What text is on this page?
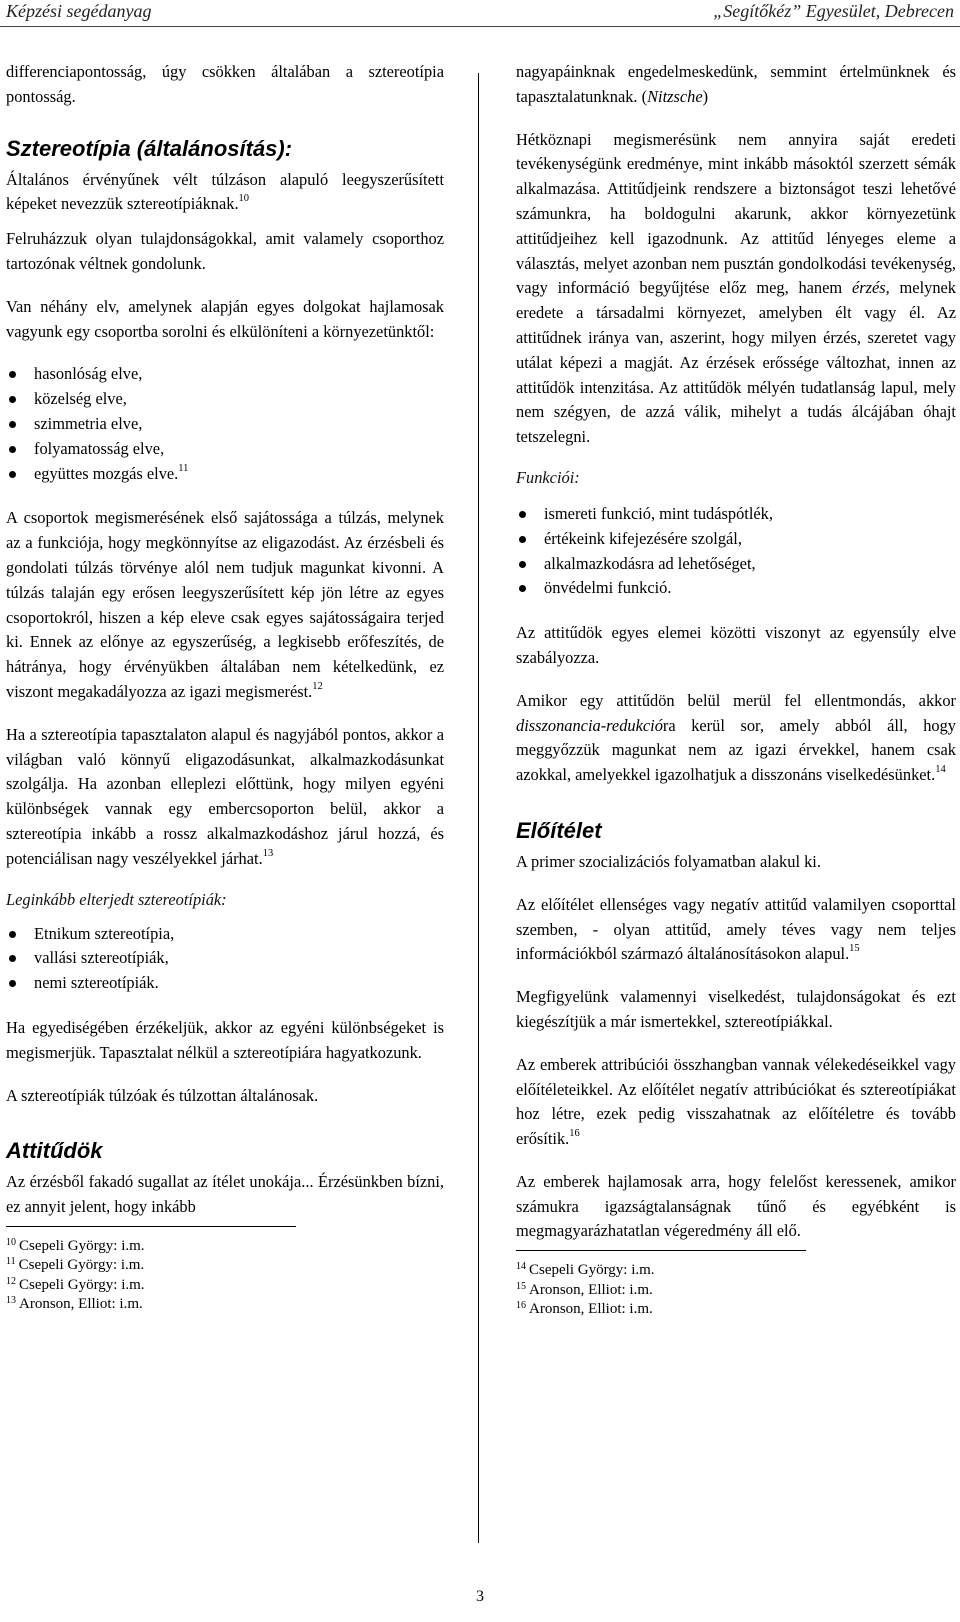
Képzési segédanyag	„Segítőkéz” Egyesület, Debrecen

differenciapontosság, úgy csökken általában a sztereotípia pontosság.

Sztereotípia (általánosítás):

Általános érvényűnek vélt túlzáson alapuló leegyszerűsített képeket nevezzük sztereotípiáknak.$^{10}$

Felruházzuk olyan tulajdonságokkal, amit valamely csoporthoz tartozónak véltnek gondolunk.

Van néhány elv, amelynek alapján egyes dolgokat hajlamosak vagyunk egy csoportba sorolni és elkülöníteni a környezetünktől:

hasonlóság elve,
közelség elve,
szimmetria elve,
folyamatosság elve,
együttes mozgás elve.$^{11}$

A csoportok megismerésének első sajátossága a túlzás, melynek az a funkciója, hogy megkönnyítse az eligazodást. Az érzésbeli és gondolati túlzás törvénye alól nem tudjuk magunkat kivonni. A túlzás talaján egy erősen leegyszerűsített kép jön létre az egyes csoportokról, hiszen a kép eleve csak egyes sajátosságaira terjed ki. Ennek az előnye az egyszerűség, a legkisebb erőfeszítés, de hátránya, hogy érvényükben általában nem kételkedünk, ez viszont megakadályozza az igazi megismerést.$^{12}$

Ha a sztereotípia tapasztalaton alapul és nagyjából pontos, akkor a világban való könnyű eligazodásunkat, alkalmazkodásunkat szolgálja. Ha azonban elleplezi előttünk, hogy milyen egyéni különbségek vannak egy embercsoporton belül, akkor a sztereotípia inkább a rossz alkalmazkodáshoz járul hozzá, és potenciálisan nagy veszélyekkel járhat.$^{13}$

Leginkább elterjedt sztereotípiák:
Etnikum sztereotípia,
vallási sztereotípiák,
nemi sztereotípiák.

Ha egyediségében érzékeljük, akkor az egyéni különbségeket is megismerjük. Tapasztalat nélkül a sztereotípiára hagyatkozunk.

A sztereotípiák túlzóak és túlzottan általánosak.

Attitűdök

Az érzésből fakadó sugallat az ítélet unokája... Érzésünkben bízni, ez annyit jelent, hogy inkább

$^{10}$ Csepeli György: i.m.
$^{11}$ Csepeli György: i.m.
$^{12}$ Csepeli György: i.m.
$^{13}$ Aronson, Elliot: i.m.

nagyapáinknak engedelmeskedünk, semmint értelmünknek és tapasztalatunknak. (Nitzsche)

Hétköznapi megismerésünk nem annyira saját eredeti tevékenységünk eredménye, mint inkább másoktól szerzett sémák alkalmazása. Attitűdjeink rendszere a biztonságot teszi lehetővé számunkra, ha boldogulni akarunk, akkor környezetünk attitűdjeihez kell igazodnunk. Az attitűd lényeges eleme a választás, melyet azonban nem pusztán gondolkodási tevékenység, vagy információ begyűjtése előz meg, hanem érzés, melynek eredete a társadalmi környezet, amelyben élt vagy él. Az attitűdnek iránya van, aszerint, hogy milyen érzés, szeretet vagy utálat képezi a magját. Az érzések erőssége változhat, innen az attitűdök intenzitása. Az attitűdök mélyén tudatlanság lapul, mely nem szégyen, de azzá válik, mihelyt a tudás álcájában óhajt tetszelegni.

Funkciói:
ismereti funkció, mint tudáspótlék,
értékeink kifejezésére szolgál,
alkalmazkodásra ad lehetőséget,
önvédelmi funkció.

Az attitűdök egyes elemei közötti viszonyt az egyensúly elve szabályozza.

Amikor egy attitűdön belül merül fel ellentmondás, akkor disszonancia-redukcióra kerül sor, amely abból áll, hogy meggyőzzük magunkat nem az igazi érvekkel, hanem csak azokkal, amelyekkel igazolhatjuk a disszonáns viselkedésünket.$^{14}$

Előítélet

A primer szocializációs folyamatban alakul ki.

Az előítélet ellenséges vagy negatív attitűd valamilyen csoporttal szemben, - olyan attitűd, amely téves vagy nem teljes információkból származó általánosításokon alapul.$^{15}$

Megfigyelünk valamennyi viselkedést, tulajdonságokat és ezt kiegészítjük a már ismertekkel, sztereotípiákkal.

Az emberek attribúciói összhangban vannak vélekedéseikkel vagy előítéleteikkel. Az előítélet negatív attribúciókat és sztereotípiákat hoz létre, ezek pedig visszahatnak az előítéletre és tovább erősítik.$^{16}$

Az emberek hajlamosak arra, hogy felelőst keressenek, amikor számukra igazságtalanságnak tűnő és egyébként is megmagyarázhatatlan végeredmény áll elő.

$^{14}$ Csepeli György: i.m.
$^{15}$ Aronson, Elliot: i.m.
$^{16}$ Aronson, Elliot: i.m.
3
